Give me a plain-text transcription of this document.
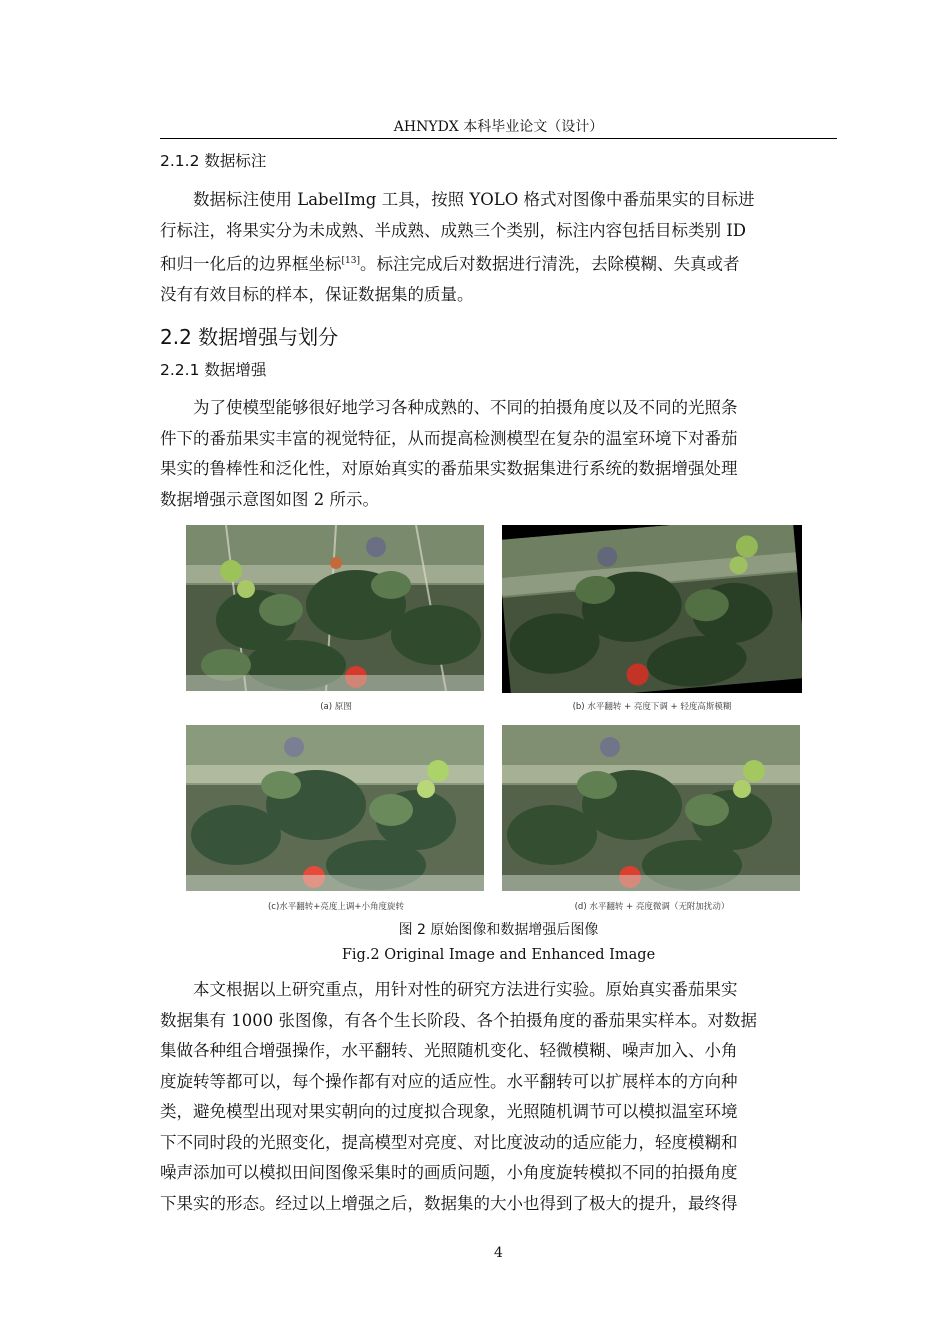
AHNYDX 本科毕业论文（设计）
2.1.2 数据标注

数据标注使用 LabelImg 工具，按照 YOLO 格式对图像中番茄果实的目标进
行标注，将果实分为未成熟、半成熟、成熟三个类别，标注内容包括目标类别 ID
和归一化后的边界框坐标[13]。标注完成后对数据进行清洗，去除模糊、失真或者
没有有效目标的样本，保证数据集的质量。

2.2 数据增强与划分
2.2.1 数据增强

为了使模型能够很好地学习各种成熟的、不同的拍摄角度以及不同的光照条
件下的番茄果实丰富的视觉特征，从而提高检测模型在复杂的温室环境下对番茄
果实的鲁棒性和泛化性，对原始真实的番茄果实数据集进行系统的数据增强处理
数据增强示意图如图 2 所示。

(a) 原图	(b) 水平翻转 + 亮度下调 + 轻度高斯模糊
(c)水平翻转+亮度上调+小角度旋转	(d) 水平翻转 + 亮度微调（无附加扰动）
图 2 原始图像和数据增强后图像
Fig.2 Original Image and Enhanced Image

本文根据以上研究重点，用针对性的研究方法进行实验。原始真实番茄果实
数据集有 1000 张图像，有各个生长阶段、各个拍摄角度的番茄果实样本。对数据
集做各种组合增强操作，水平翻转、光照随机变化、轻微模糊、噪声加入、小角
度旋转等都可以，每个操作都有对应的适应性。水平翻转可以扩展样本的方向种
类，避免模型出现对果实朝向的过度拟合现象，光照随机调节可以模拟温室环境
下不同时段的光照变化，提高模型对亮度、对比度波动的适应能力，轻度模糊和
噪声添加可以模拟田间图像采集时的画质问题，小角度旋转模拟不同的拍摄角度
下果实的形态。经过以上增强之后，数据集的大小也得到了极大的提升，最终得

4
